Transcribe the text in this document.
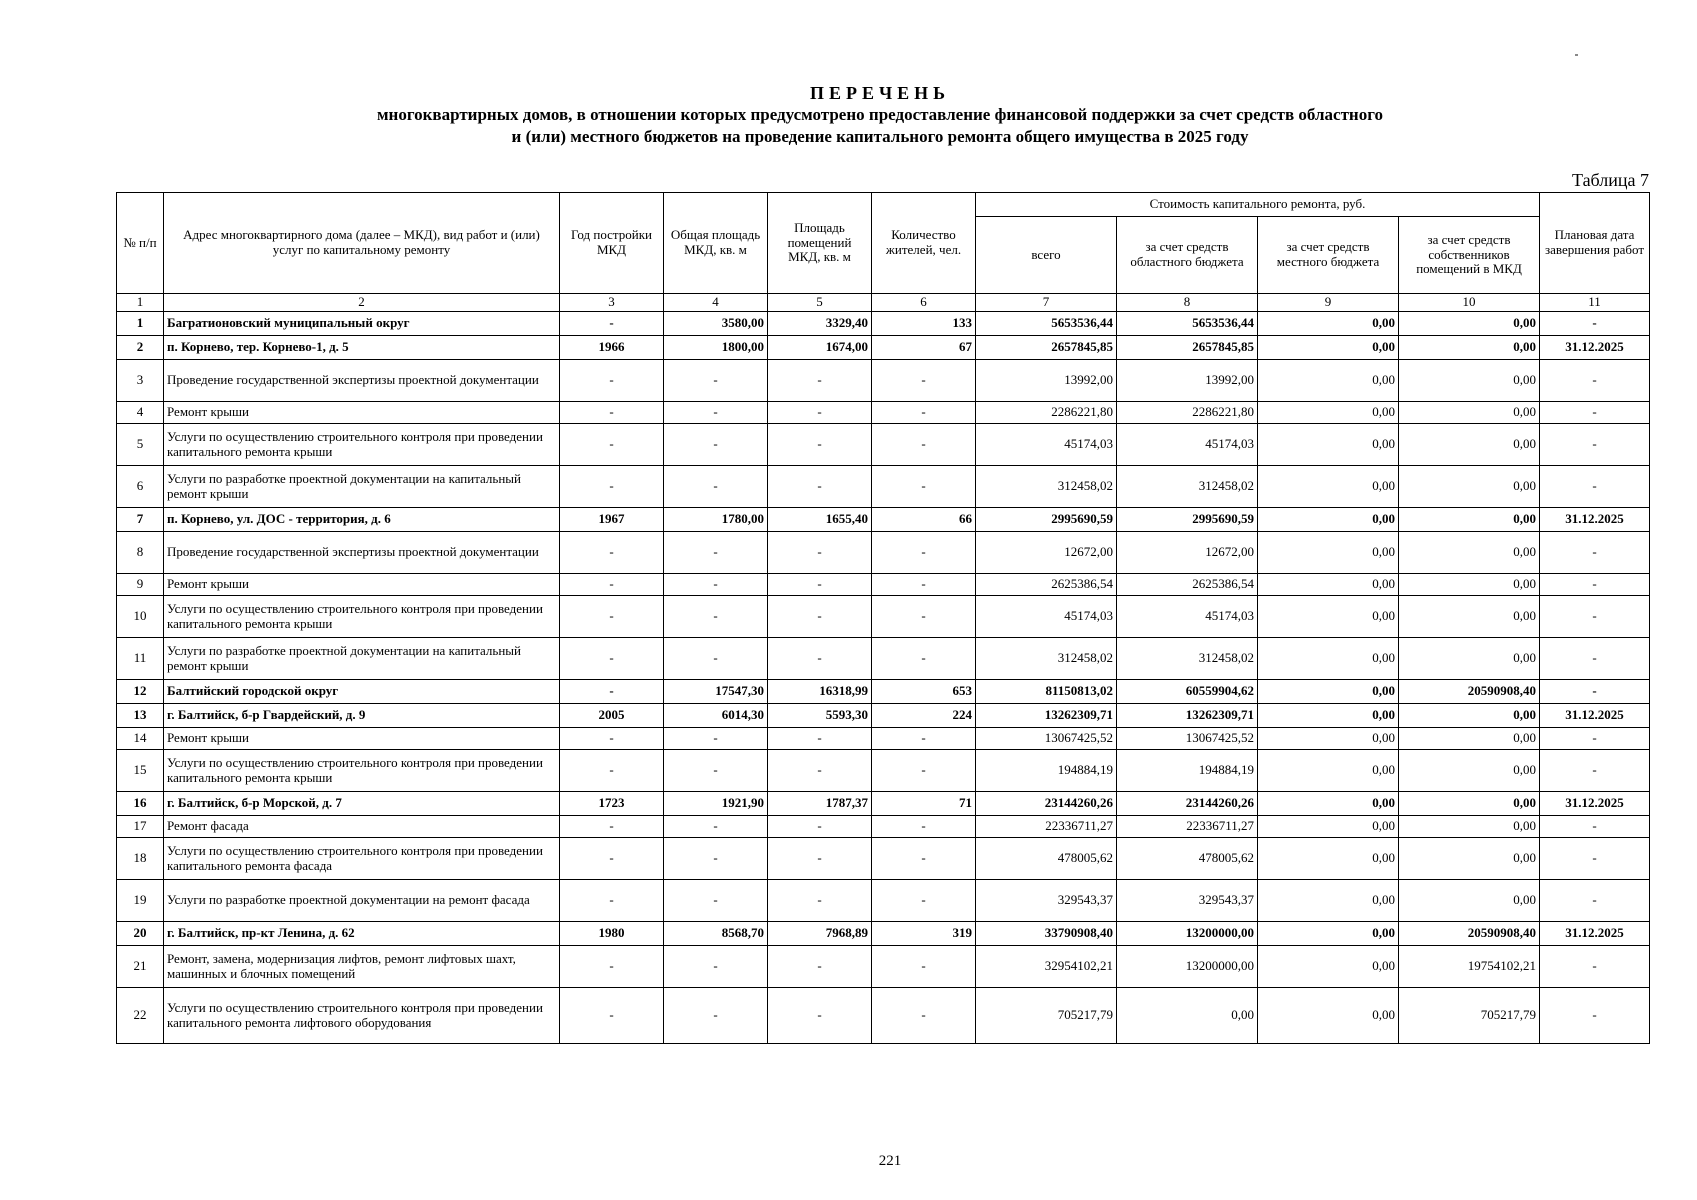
ПЕРЕЧЕНЬ
многоквартирных домов, в отношении которых предусмотрено предоставление финансовой поддержки за счет средств областного
и (или) местного бюджетов на проведение капитального ремонта общего имущества в 2025 году
Таблица 7
№ п/п	Адрес многоквартирного дома (далее – МКД), вид работ и (или) услуг по капитальному ремонту	Год постройки МКД	Общая площадь МКД, кв. м	Площадь помещений МКД, кв. м	Количество жителей, чел.	Стоимость капитального ремонта, руб.				Плановая дата завершения работ
						всего	за счет средств областного бюджета	за счет средств местного бюджета	за счет средств собственников помещений в МКД	
1	2	3	4	5	6	7	8	9	10	11
1	Багратионовский муниципальный округ	-	3580,00	3329,40	133	5653536,44	5653536,44	0,00	0,00	-
2	п. Корнево, тер. Корнево-1, д. 5	1966	1800,00	1674,00	67	2657845,85	2657845,85	0,00	0,00	31.12.2025
3	Проведение государственной экспертизы проектной документации	-	-	-	-	13992,00	13992,00	0,00	0,00	-
4	Ремонт крыши	-	-	-	-	2286221,80	2286221,80	0,00	0,00	-
5	Услуги по осуществлению строительного контроля при проведении капитального ремонта крыши	-	-	-	-	45174,03	45174,03	0,00	0,00	-
6	Услуги по разработке проектной документации на капитальный ремонт крыши	-	-	-	-	312458,02	312458,02	0,00	0,00	-
7	п. Корнево, ул. ДОС - территория, д. 6	1967	1780,00	1655,40	66	2995690,59	2995690,59	0,00	0,00	31.12.2025
8	Проведение государственной экспертизы проектной документации	-	-	-	-	12672,00	12672,00	0,00	0,00	-
9	Ремонт крыши	-	-	-	-	2625386,54	2625386,54	0,00	0,00	-
10	Услуги по осуществлению строительного контроля при проведении капитального ремонта крыши	-	-	-	-	45174,03	45174,03	0,00	0,00	-
11	Услуги по разработке проектной документации на капитальный ремонт крыши	-	-	-	-	312458,02	312458,02	0,00	0,00	-
12	Балтийский городской округ	-	17547,30	16318,99	653	81150813,02	60559904,62	0,00	20590908,40	-
13	г. Балтийск, б-р Гвардейский, д. 9	2005	6014,30	5593,30	224	13262309,71	13262309,71	0,00	0,00	31.12.2025
14	Ремонт крыши	-	-	-	-	13067425,52	13067425,52	0,00	0,00	-
15	Услуги по осуществлению строительного контроля при проведении капитального ремонта крыши	-	-	-	-	194884,19	194884,19	0,00	0,00	-
16	г. Балтийск, б-р Морской, д. 7	1723	1921,90	1787,37	71	23144260,26	23144260,26	0,00	0,00	31.12.2025
17	Ремонт фасада	-	-	-	-	22336711,27	22336711,27	0,00	0,00	-
18	Услуги по осуществлению строительного контроля при проведении капитального ремонта фасада	-	-	-	-	478005,62	478005,62	0,00	0,00	-
19	Услуги по разработке проектной документации на ремонт фасада	-	-	-	-	329543,37	329543,37	0,00	0,00	-
20	г. Балтийск, пр-кт Ленина, д. 62	1980	8568,70	7968,89	319	33790908,40	13200000,00	0,00	20590908,40	31.12.2025
21	Ремонт, замена, модернизация лифтов, ремонт лифтовых шахт, машинных и блочных помещений	-	-	-	-	32954102,21	13200000,00	0,00	19754102,21	-
22	Услуги по осуществлению строительного контроля при проведении капитального ремонта лифтового оборудования	-	-	-	-	705217,79	0,00	0,00	705217,79	-
221
